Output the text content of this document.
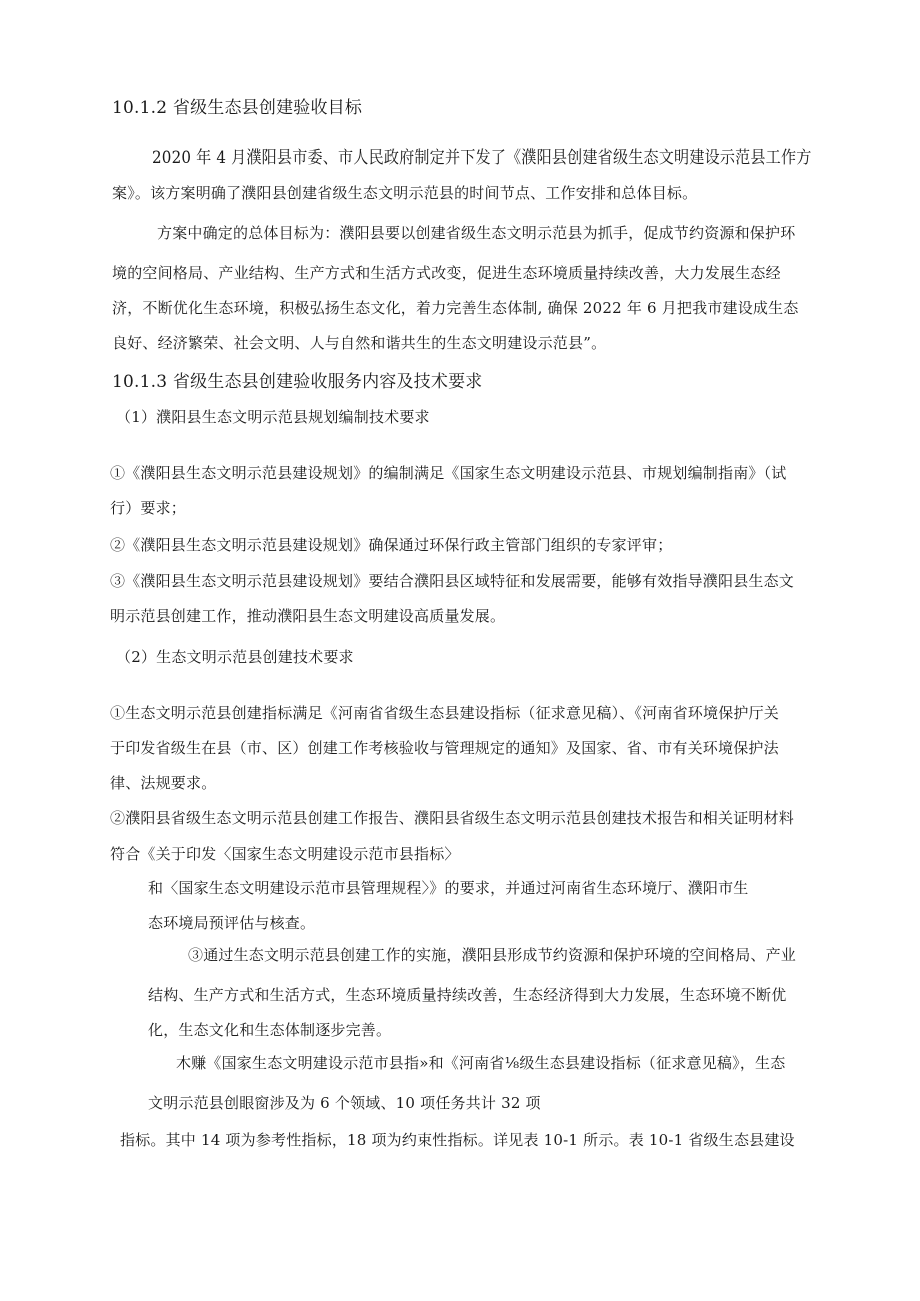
10.1.2 省级生态县创建验收目标
2020 年 4 月濮阳县市委、市人民政府制定并下发了《濮阳县创建省级生态文明建设示范县工作方
案》。该方案明确了濮阳县创建省级生态文明示范县的时间节点、工作安排和总体目标。
方案中确定的总体目标为：濮阳县要以创建省级生态文明示范县为抓手，促成节约资源和保护环
境的空间格局、产业结构、生产方式和生活方式改变，促进生态环境质量持续改善，大力发展生态经
济，不断优化生态环境，积极弘扬生态文化，着力完善生态体制, 确保 2022 年 6 月把我市建设成生态
良好、经济繁荣、社会文明、人与自然和谐共生的生态文明建设示范县”。
10.1.3 省级生态县创建验收服务内容及技术要求
（1）濮阳县生态文明示范县规划编制技术要求
①《濮阳县生态文明示范县建设规划》的编制满足《国家生态文明建设示范县、市规划编制指南》（试
行）要求；
②《濮阳县生态文明示范县建设规划》确保通过环保行政主管部门组织的专家评审；
③《濮阳县生态文明示范县建设规划》要结合濮阳县区域特征和发展需要，能够有效指导濮阳县生态文
明示范县创建工作，推动濮阳县生态文明建设高质量发展。
（2）生态文明示范县创建技术要求
①生态文明示范县创建指标满足《河南省省级生态县建设指标（征求意见稿）、《河南省环境保护厅关
于印发省级生在县（市、区）创建工作考核验收与管理规定的通知》及国家、省、市有关环境保护法
律、法规要求。
②濮阳县省级生态文明示范县创建工作报告、濮阳县省级生态文明示范县创建技术报告和相关证明材料
符合《关于印发〈国家生态文明建设示范市县指标〉
和〈国家生态文明建设示范市县管理规程〉》的要求，并通过河南省生态环境厅、濮阳市生
态环境局预评估与核查。
③通过生态文明示范县创建工作的实施，濮阳县形成节约资源和保护环境的空间格局、产业
结构、生产方式和生活方式，生态环境质量持续改善，生态经济得到大力发展，生态环境不断优
化，生态文化和生态体制逐步完善。
木赚《国家生态文明建设示范市县指»和《河南省⅛级生态县建设指标（征求意见稿》，生态
文明示范县创眼窗涉及为 6 个领域、10 项任务共计 32 项
指标。其中 14 项为参考性指标，18 项为约束性指标。详见表 10-1 所示。表 10-1 省级生态县建设
